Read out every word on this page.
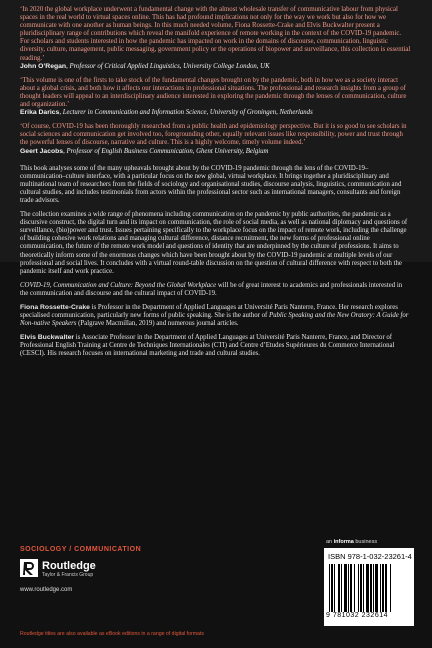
‘In 2020 the global workplace underwent a fundamental change with the almost wholesale transfer of communicative labour from physical spaces in the real world to virtual spaces online. This has had profound implications not only for the way we work but also for how we communicate with one another as human beings. In this much needed volume, Fiona Rossette-Crake and Elvis Buckwalter present a pluridisciplinary range of contributions which reveal the manifold experience of remote working in the context of the COVID-19 pandemic. For scholars and students interested in how the pandemic has impacted on work in the domains of discourse, communication, linguistic diversity, culture, management, public messaging, government policy or the operations of biopower and surveillance, this collection is essential reading.’

John O’Regan, Professor of Critical Applied Linguistics, University College London, UK

‘This volume is one of the firsts to take stock of the fundamental changes brought on by the pandemic, both in how we as a society interact about a global crisis, and both how it affects our interactions in professional situations. The professional and research insights from a group of thought leaders will appeal to an interdisciplinary audience interested in exploring the pandemic through the lenses of communication, culture and organization.’

Erika Darics, Lecturer in Communication and Information Science, University of Groningen, Netherlands

‘Of course, COVID-19 has been thoroughly researched from a public health and epidemiology perspective. But it is so good to see scholars in social sciences and communication get involved too, foregrounding other, equally relevant issues like responsibility, power and trust through the powerful lenses of discourse, narrative and culture. This is a highly welcome, timely volume indeed.’

Geert Jacobs, Professor of English Business Communication, Ghent University, Belgium

This book analyses some of the many upheavals brought about by the COVID-19 pandemic through the lens of the COVID-19–communication–culture interface, with a particular focus on the new global, virtual workplace. It brings together a pluridisciplinary and multinational team of researchers from the fields of sociology and organisational studies, discourse analysis, linguistics, communication and cultural studies, and includes testimonials from actors within the professional sector such as international managers, consultants and foreign trade advisors.

The collection examines a wide range of phenomena including communication on the pandemic by public authorities, the pandemic as a discursive construct, the digital turn and its impact on communication, the role of social media, as well as national diplomacy and questions of surveillance, (bio)power and trust. Issues pertaining specifically to the workplace focus on the impact of remote work, including the challenge of building cohesive work relations and managing cultural difference, distance recruitment, the new forms of professional online communication, the future of the remote work model and questions of identity that are underpinned by the culture of professions. It aims to theoretically inform some of the enormous changes which have been brought about by the COVID-19 pandemic at multiple levels of our professional and social lives. It concludes with a virtual round-table discussion on the question of cultural difference with respect to both the pandemic itself and work practice.

COVID-19, Communication and Culture: Beyond the Global Workplace will be of great interest to academics and professionals interested in the communication and discourse and the cultural impact of COVID-19.

Fiona Rossette-Crake is Professor in the Department of Applied Languages at Université Paris Nanterre, France. Her research explores specialised communication, particularly new forms of public speaking. She is the author of Public Speaking and the New Oratory: A Guide for Non-native Speakers (Palgrave Macmillan, 2019) and numerous journal articles.

Elvis Buckwalter is Associate Professor in the Department of Applied Languages at Université Paris Nanterre, France, and Director of Professional English Training at Centre de Techniques Internationales (CTI) and Centre d’Etudes Supérieures du Commerce International (CESCI). His research focuses on international marketing and trade and cultural studies.

SOCIOLOGY / COMMUNICATION
Routledge
Taylor & Francis Group
www.routledge.com
Routledge titles are also available as eBook editions in a range of digital formats
an informa business
ISBN 978-1-032-23261-4
9 781032 232614
